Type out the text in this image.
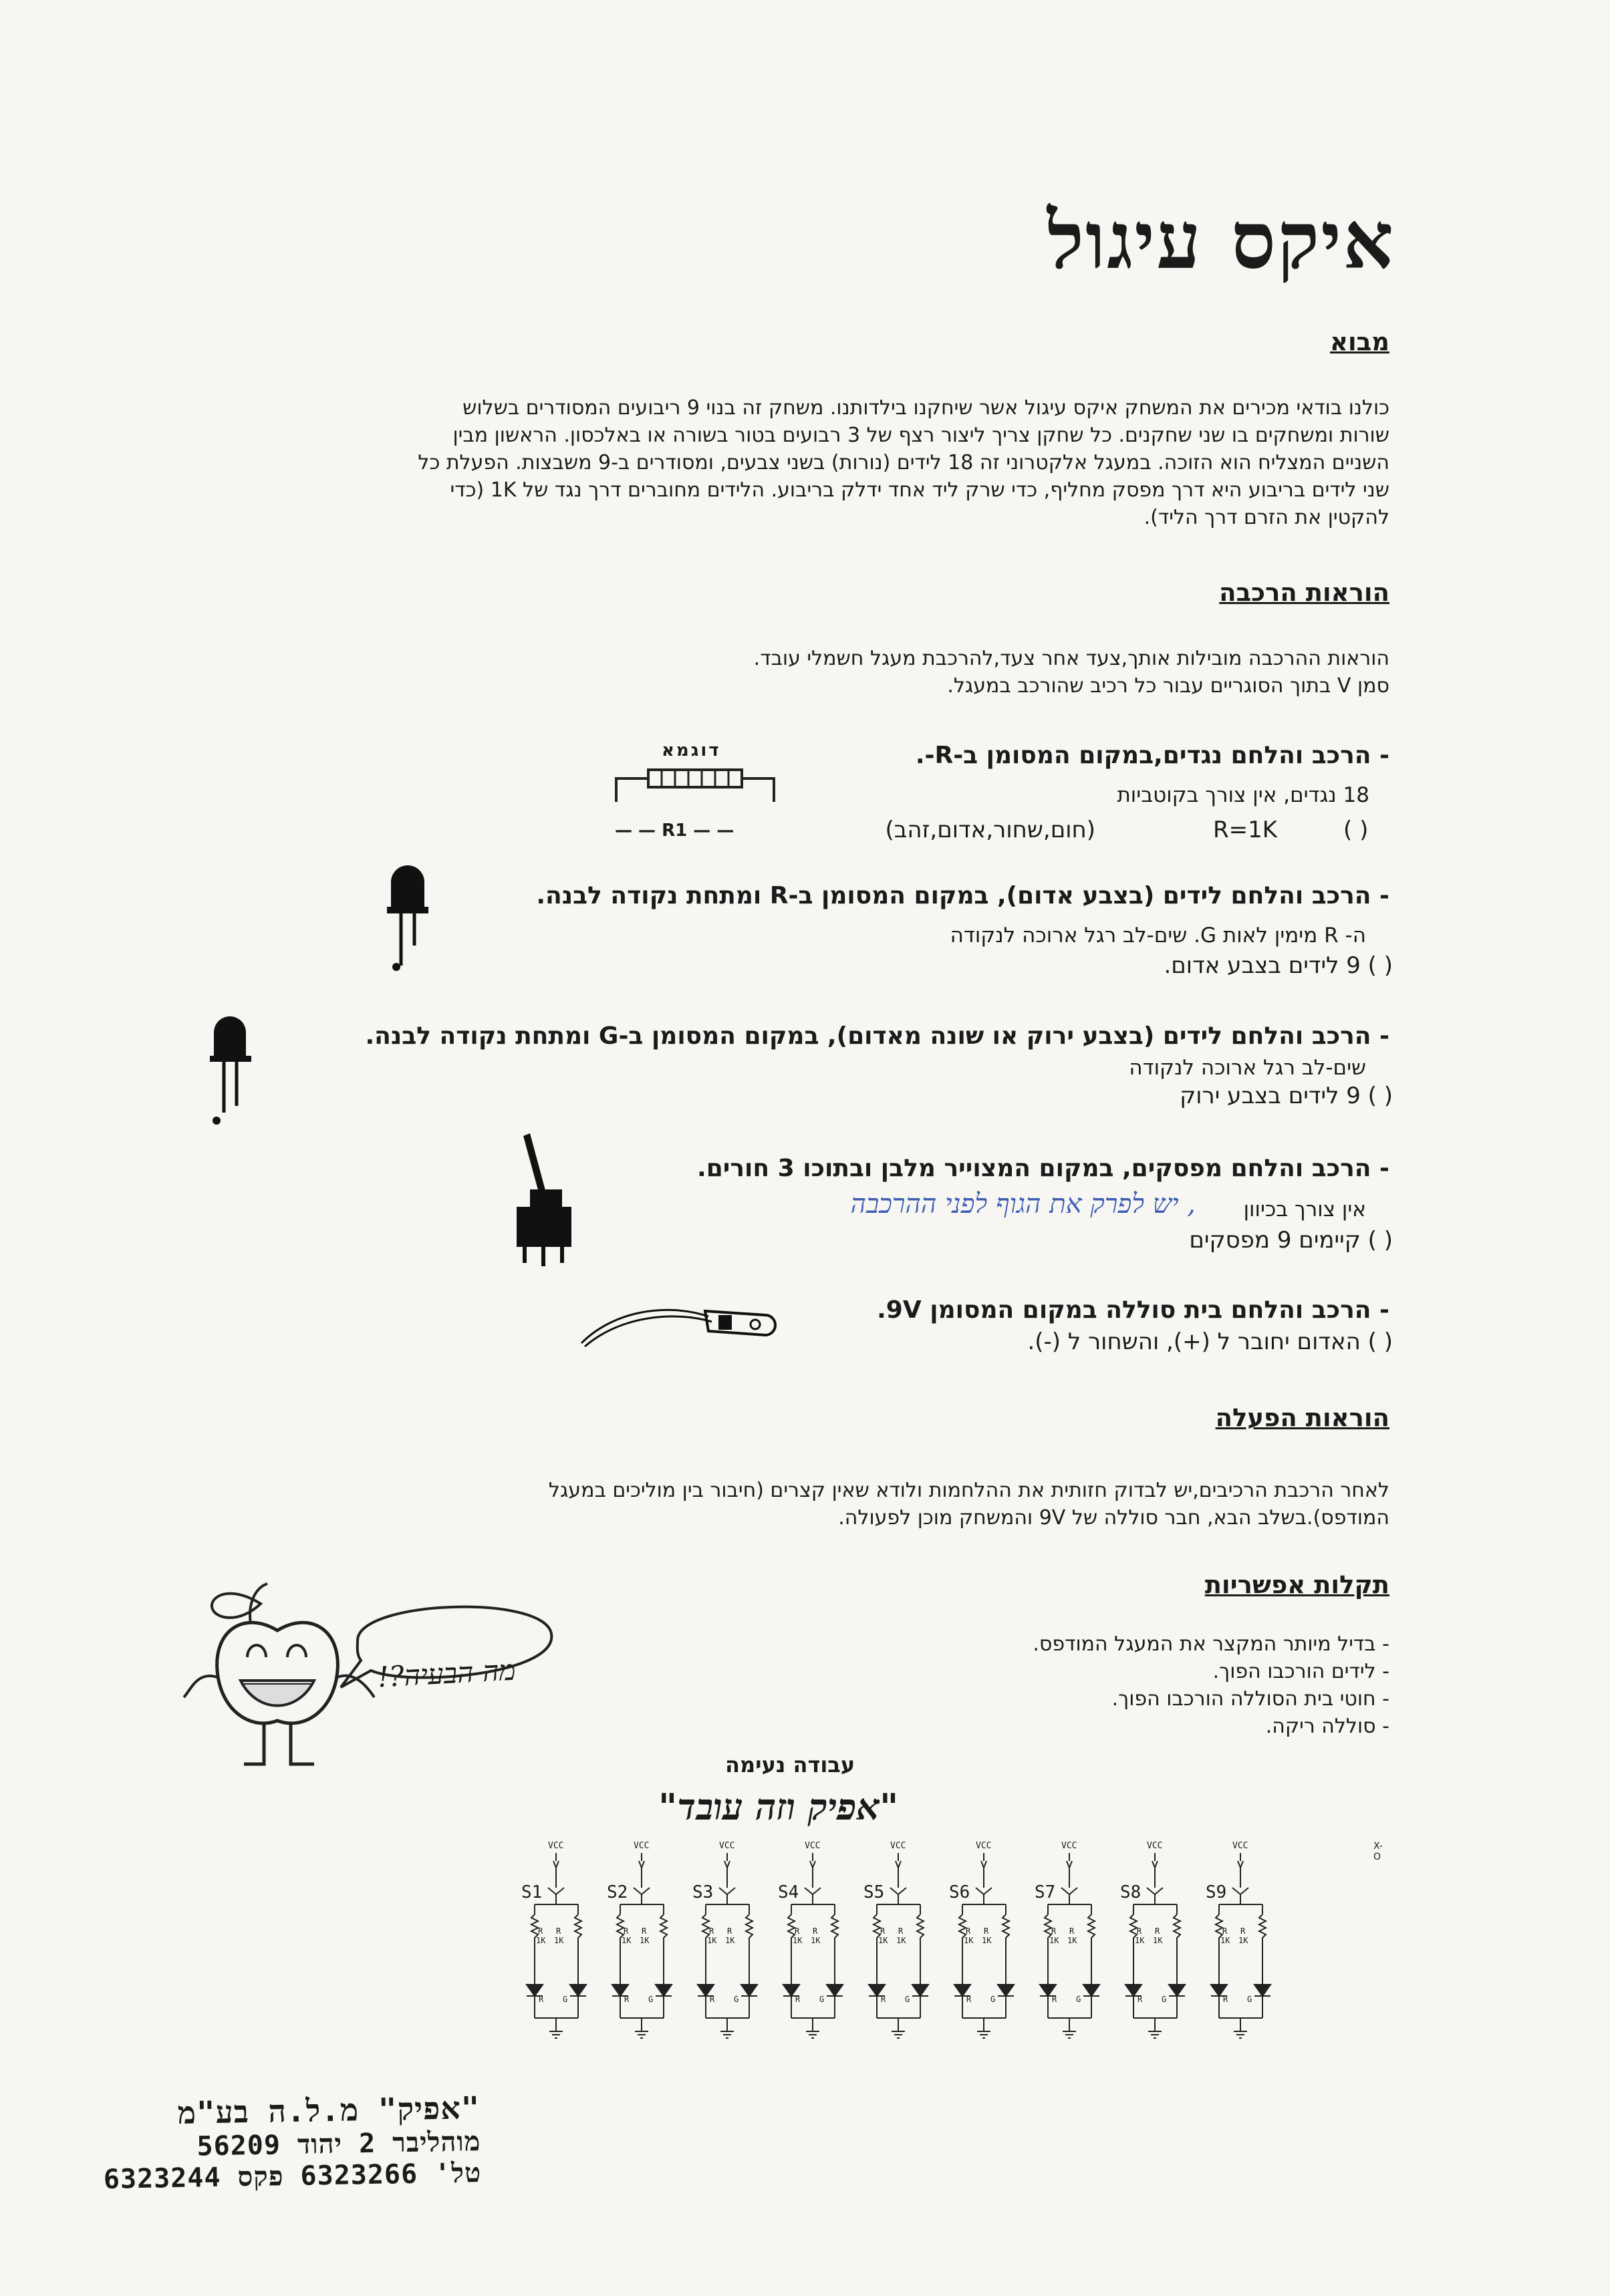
איקס עיגול
מבוא
כולנו בודאי מכירים את המשחק איקס עיגול אשר שיחקנו בילדותנו. משחק זה בנוי 9 ריבועים המסודרים בשלוש
שורות ומשחקים בו שני שחקנים. כל שחקן צריך ליצור רצף של 3 רבועים בטור בשורה או באלכסון. הראשון מבין
השניים המצליח הוא הזוכה. במעגל אלקטרוני זה 18 לידים (נורות) בשני צבעים, ומסודרים ב-9 משבצות. הפעלת כל
שני לידים בריבוע היא דרך מפסק מחליף, כדי שרק ליד אחד ידלק בריבוע. הלידים מחוברים דרך נגד של 1K (כדי
להקטין את הזרם דרך הליד).
הוראות הרכבה
הוראות ההרכבה מובילות אותך,צעד אחר צעד,להרכבת מעגל חשמלי עובד.
סמן V בתוך הסוגריים עבור כל רכיב שהורכב במעגל.
- הרכב והלחם נגדים,במקום המסומן ב-R-.
18 נגדים, אין צורך בקוטביות
( )
R=1K
(חום,שחור,אדום,זהב)
דוגמא
— — R1 — —
- הרכב והלחם לידים (בצבע אדום), במקום המסומן ב-R ומתחת נקודה לבנה.
ה- R מימין לאות G. שים-לב רגל ארוכה לנקודה
( ) 9 לידים בצבע אדום.
- הרכב והלחם לידים (בצבע ירוק או שונה מאדום), במקום המסומן ב-G ומתחת נקודה לבנה.
שים-לב רגל ארוכה לנקודה
( ) 9 לידים בצבע ירוק
- הרכב והלחם מפסקים, במקום המצוייר מלבן ובתוכו 3 חורים.
אין צורך בכיוון
, יש לפרק את הגוף לפני ההרכבה
( ) קיימים 9 מפסקים
- הרכב והלחם בית סוללה במקום המסומן 9V.
( ) האדום יחובר ל (+), והשחור ל (-).
הוראות הפעלה
לאחר הרכבת הרכיבים,יש לבדוק חזותית את ההלחמות ולודא שאין קצרים (חיבור בין מוליכים במעגל
המודפס).בשלב הבא, חבר סוללה של 9V והמשחק מוכן לפעולה.
תקלות אפשריות
- בדיל מיותר המקצר את המעגל המודפס.
- לידים הורכבו הפוך.
- חוטי בית הסוללה הורכבו הפוך.
- סוללה ריקה.
מה הבעיה?!
עבודה נעימה
"אפיק וזה עובד"
X-O
VCC
S1
R R
1K 1K
R G
VCC
S2
R R
1K 1K
R G
VCC
S3
R R
1K 1K
R G
VCC
S4
R R
1K 1K
R G
VCC
S5
R R
1K 1K
R G
VCC
S6
R R
1K 1K
R G
VCC
S7
R R
1K 1K
R G
VCC
S8
R R
1K 1K
R G
VCC
S9
R R
1K 1K
R G
"אפיק" מ.ל.ה בע"מ
מוהליבר 2 יהוד 56209
טל' 6323266 פקס 6323244
